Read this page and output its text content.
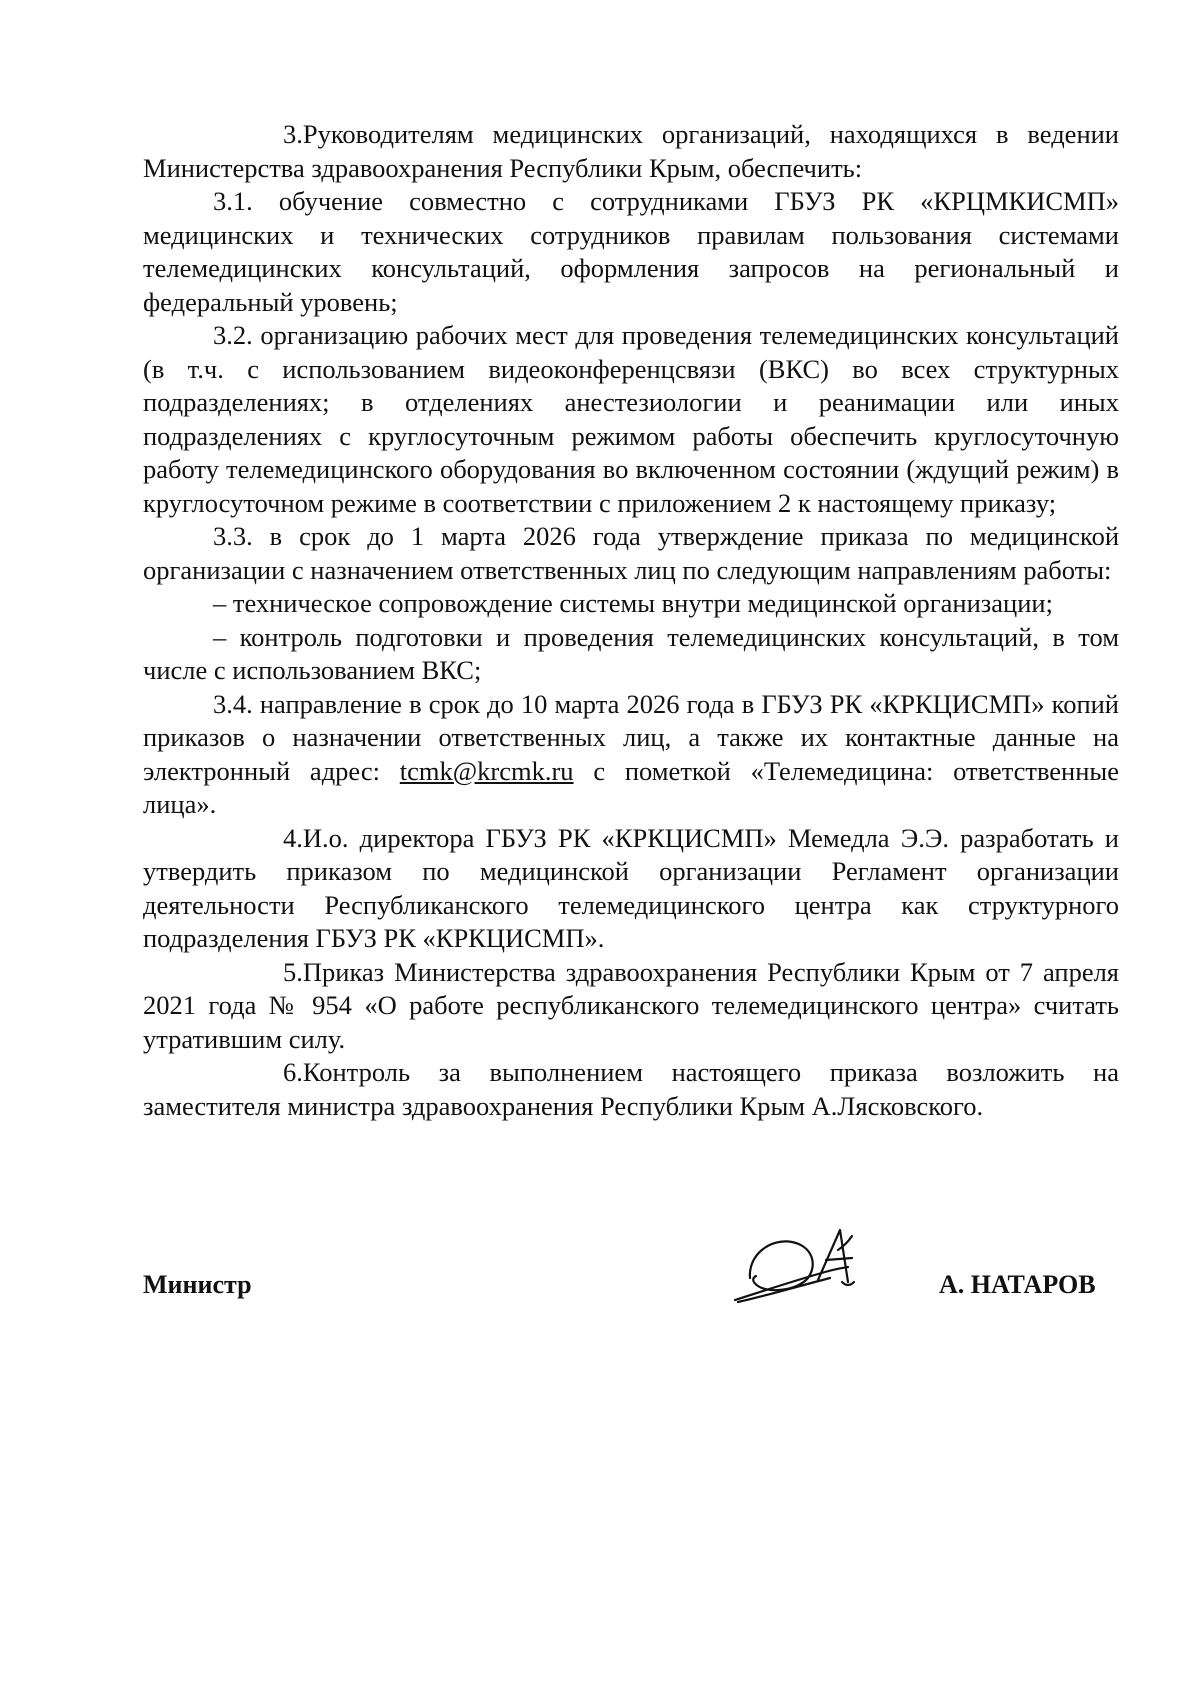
3.Руководителям медицинских организаций, находящихся в ведении Министерства здравоохранения Республики Крым, обеспечить:

3.1. обучение совместно с сотрудниками ГБУЗ РК «КРЦМКИСМП» медицинских и технических сотрудников правилам пользования системами телемедицинских консультаций, оформления запросов на региональный и федеральный уровень;

3.2. организацию рабочих мест для проведения телемедицинских консультаций (в т.ч. с использованием видеоконференцсвязи (ВКС) во всех структурных подразделениях; в отделениях анестезиологии и реанимации или иных подразделениях с круглосуточным режимом работы обеспечить круглосуточную работу телемедицинского оборудования во включенном состоянии (ждущий режим) в круглосуточном режиме в соответствии с приложением 2 к настоящему приказу;

3.3. в срок до 1 марта 2026 года утверждение приказа по медицинской организации с назначением ответственных лиц по следующим направлениям работы:

– техническое сопровождение системы внутри медицинской организации;

– контроль подготовки и проведения телемедицинских консультаций, в том числе с использованием ВКС;

3.4. направление в срок до 10 марта 2026 года в ГБУЗ РК «КРКЦИСМП» копий приказов о назначении ответственных лиц, а также их контактные данные на электронный адрес: tcmk@krcmk.ru с пометкой «Телемедицина: ответственные лица».

4.И.о. директора ГБУЗ РК «КРКЦИСМП» Мемедла Э.Э. разработать и утвердить приказом по медицинской организации Регламент организации деятельности Республиканского телемедицинского центра как структурного подразделения ГБУЗ РК «КРКЦИСМП».

5.Приказ Министерства здравоохранения Республики Крым от 7 апреля 2021 года № 954 «О работе республиканского телемедицинского центра» считать утратившим силу.

6.Контроль за выполнением настоящего приказа возложить на заместителя министра здравоохранения Республики Крым А.Лясковского.

Министр	А. НАТАРОВ
